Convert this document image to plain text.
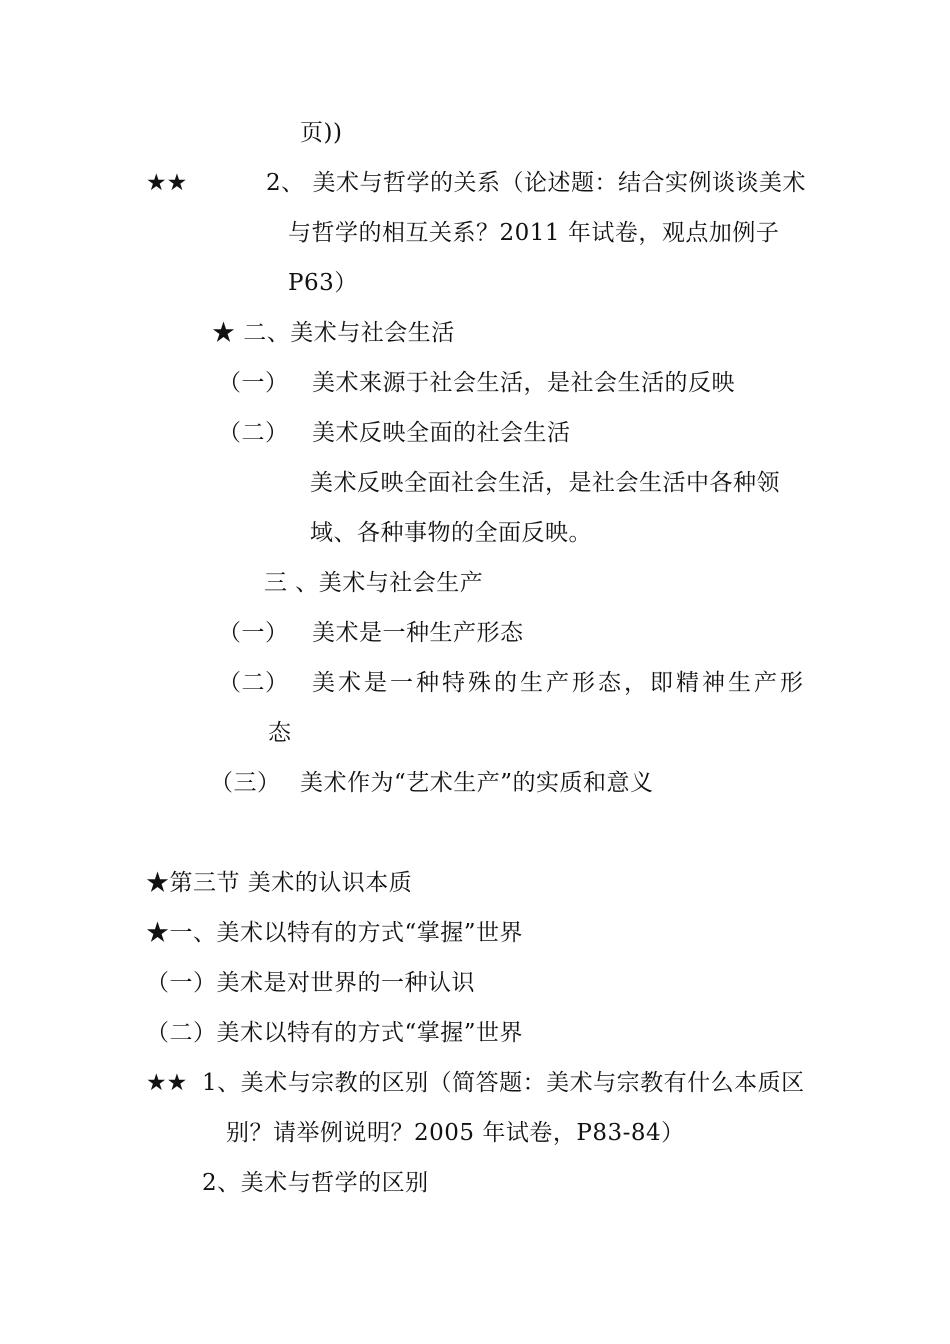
页))
★★	2、 美术与哲学的关系（论述题：结合实例谈谈美术
与哲学的相互关系？2011 年试卷，观点加例子
P63）
★ 二、美术与社会生活
（一） 美术来源于社会生活，是社会生活的反映
（二） 美术反映全面的社会生活
美术反映全面社会生活，是社会生活中各种领
域、各种事物的全面反映。
三 、美术与社会生产
（一） 美术是一种生产形态
（二） 美术是一种特殊的生产形态，即精神生产形
态
（三） 美术作为“艺术生产”的实质和意义
★第三节 美术的认识本质
★一、美术以特有的方式“掌握”世界
（一）美术是对世界的一种认识
（二）美术以特有的方式“掌握”世界
★★ 1、美术与宗教的区别（简答题：美术与宗教有什么本质区
别？请举例说明？2005 年试卷，P83-84）
2、美术与哲学的区别
